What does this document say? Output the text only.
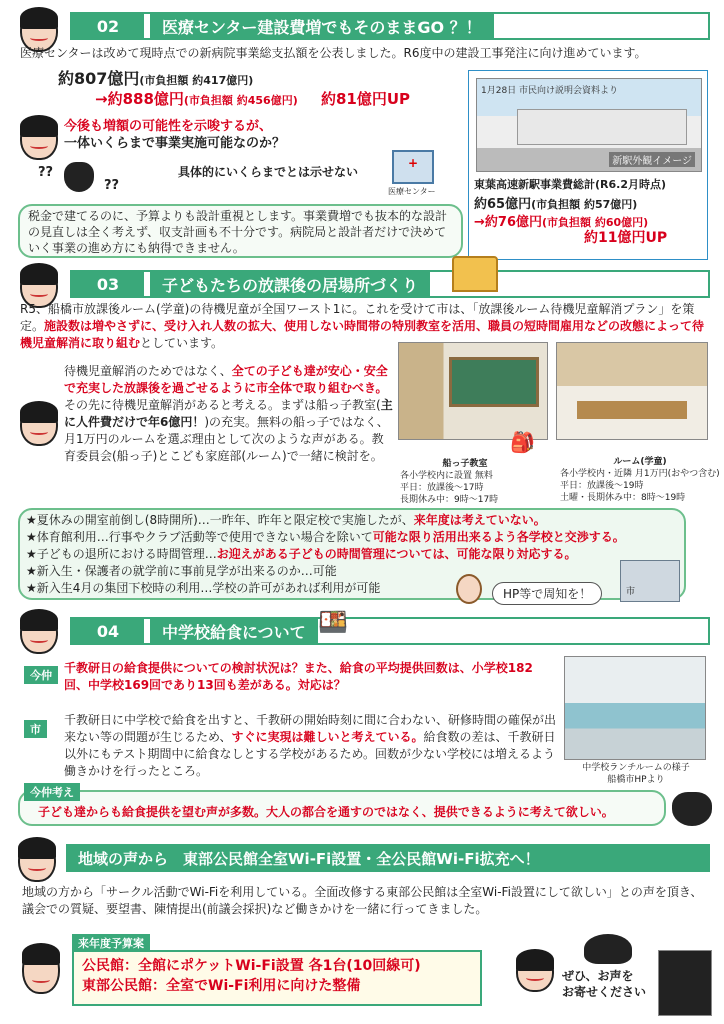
02	医療センター建設費増でもそのままGO ？！

医療センターは改めて現時点での新病院事業総支払額を公表しました。R6度中の建設工事発注に向け進めています。

約807億円(市負担額 約417億円)
→約888億円(市負担額 約456億円) 約81億円UP

今後も増額の可能性を示唆するが、

一体いくらまで事業実施可能なのか？

??
??

具体的にいくらまでとは示せない

+

医療センター

税金で建てるのに、予算よりも設計重視とします。事業費増でも抜本的な設計の見直しは全く考えず、収支計画も不十分です。病院局と設計者だけで決めていく事業の進め方にも納得できません。

1月28日 市民向け説明会資料より
新駅外観イメージ

東葉高速新駅事業費総計(R6.2月時点)

約65億円(市負担額 約57億円)
→約76億円(市負担額 約60億円)

約11億円UP

03	子どもたちの放課後の居場所づくり

R5、船橋市放課後ルーム(学童)の待機児童が全国ワースト1に。これを受けて市は、「放課後ルーム待機児童解消プラン」を策定。施設数は増やさずに、受け入れ人数の拡大、使用しない時間帯の特別教室を活用、職員の短時間雇用などの改態によって待機児童解消に取り組むとしています。

待機児童解消のためではなく、全ての子ども達が安心・安全で充実した放課後を過ごせるように市全体で取り組むべき。その先に待機児童解消があると考える。まずは船っ子教室(主に人件費だけで年6億円！)の充実。無料の船っ子ではなく、月1万円のルームを選ぶ理由として次のような声がある。教育委員会(船っ子)とこども家庭部(ルーム)で一緒に検討を。

🎒
船っ子教室
各小学校内に設置 無料
平日：放課後～17時
長期休み中：9時～17時
ルーム(学童)
各小学校内・近隣 月1万円(おやつ含む)
平日：放課後～19時
土曜・長期休み中：8時～19時

★夏休みの開室前倒し(8時開所)…一昨年、昨年と限定校で実施したが、来年度は考えていない。

★体育館利用…行事やクラブ活動等で使用できない場合を除いて可能な限り活用出来るよう各学校と交渉する。

★子どもの退所における時間管理…お迎えがある子どもの時間管理については、可能な限り対応する。

★新入生・保護者の就学前に事前見学が出来るのか…可能

★新入生4月の集団下校時の利用…学校の許可があれば利用が可能	HP等で周知を！	市

04	中学校給食について 🍱
今仲

千教研日の給食提供についての検討状況は？また、給食の平均提供回数は、小学校182回、中学校169回であり13回も差がある。対応は？

市

千教研日に中学校で給食を出すと、千教研の開始時刻に間に合わない、研修時間の確保が出来ない等の問題が生じるため、すぐに実現は難しいと考えている。給食数の差は、千教研日以外にもテスト期間中に給食なしとする学校があるため。回数が少ない学校には増えるよう働きかけを行ったところ。	中学校ランチルームの様子
船橋市HPより
今仲考え

子ども達からも給食提供を望む声が多数。大人の都合を通すのではなく、提供できるように考えて欲しい。

地域の声から　東部公民館全室Wi-Fi設置・全公民館Wi-Fi拡充へ！

地域の方から「サークル活動でWi-Fiを利用している。全面改修する東部公民館は全室Wi-Fi設置にして欲しい」との声を頂き、議会での質疑、要望書、陳情提出(前議会採択)など働きかけを一緒に行ってきました。

来年度予算案

公民館：全館にポケットWi-Fi設置 各1台(10回線可)

東部公民館：全室でWi-Fi利用に向けた整備

ぜひ、お声を

お寄せください
